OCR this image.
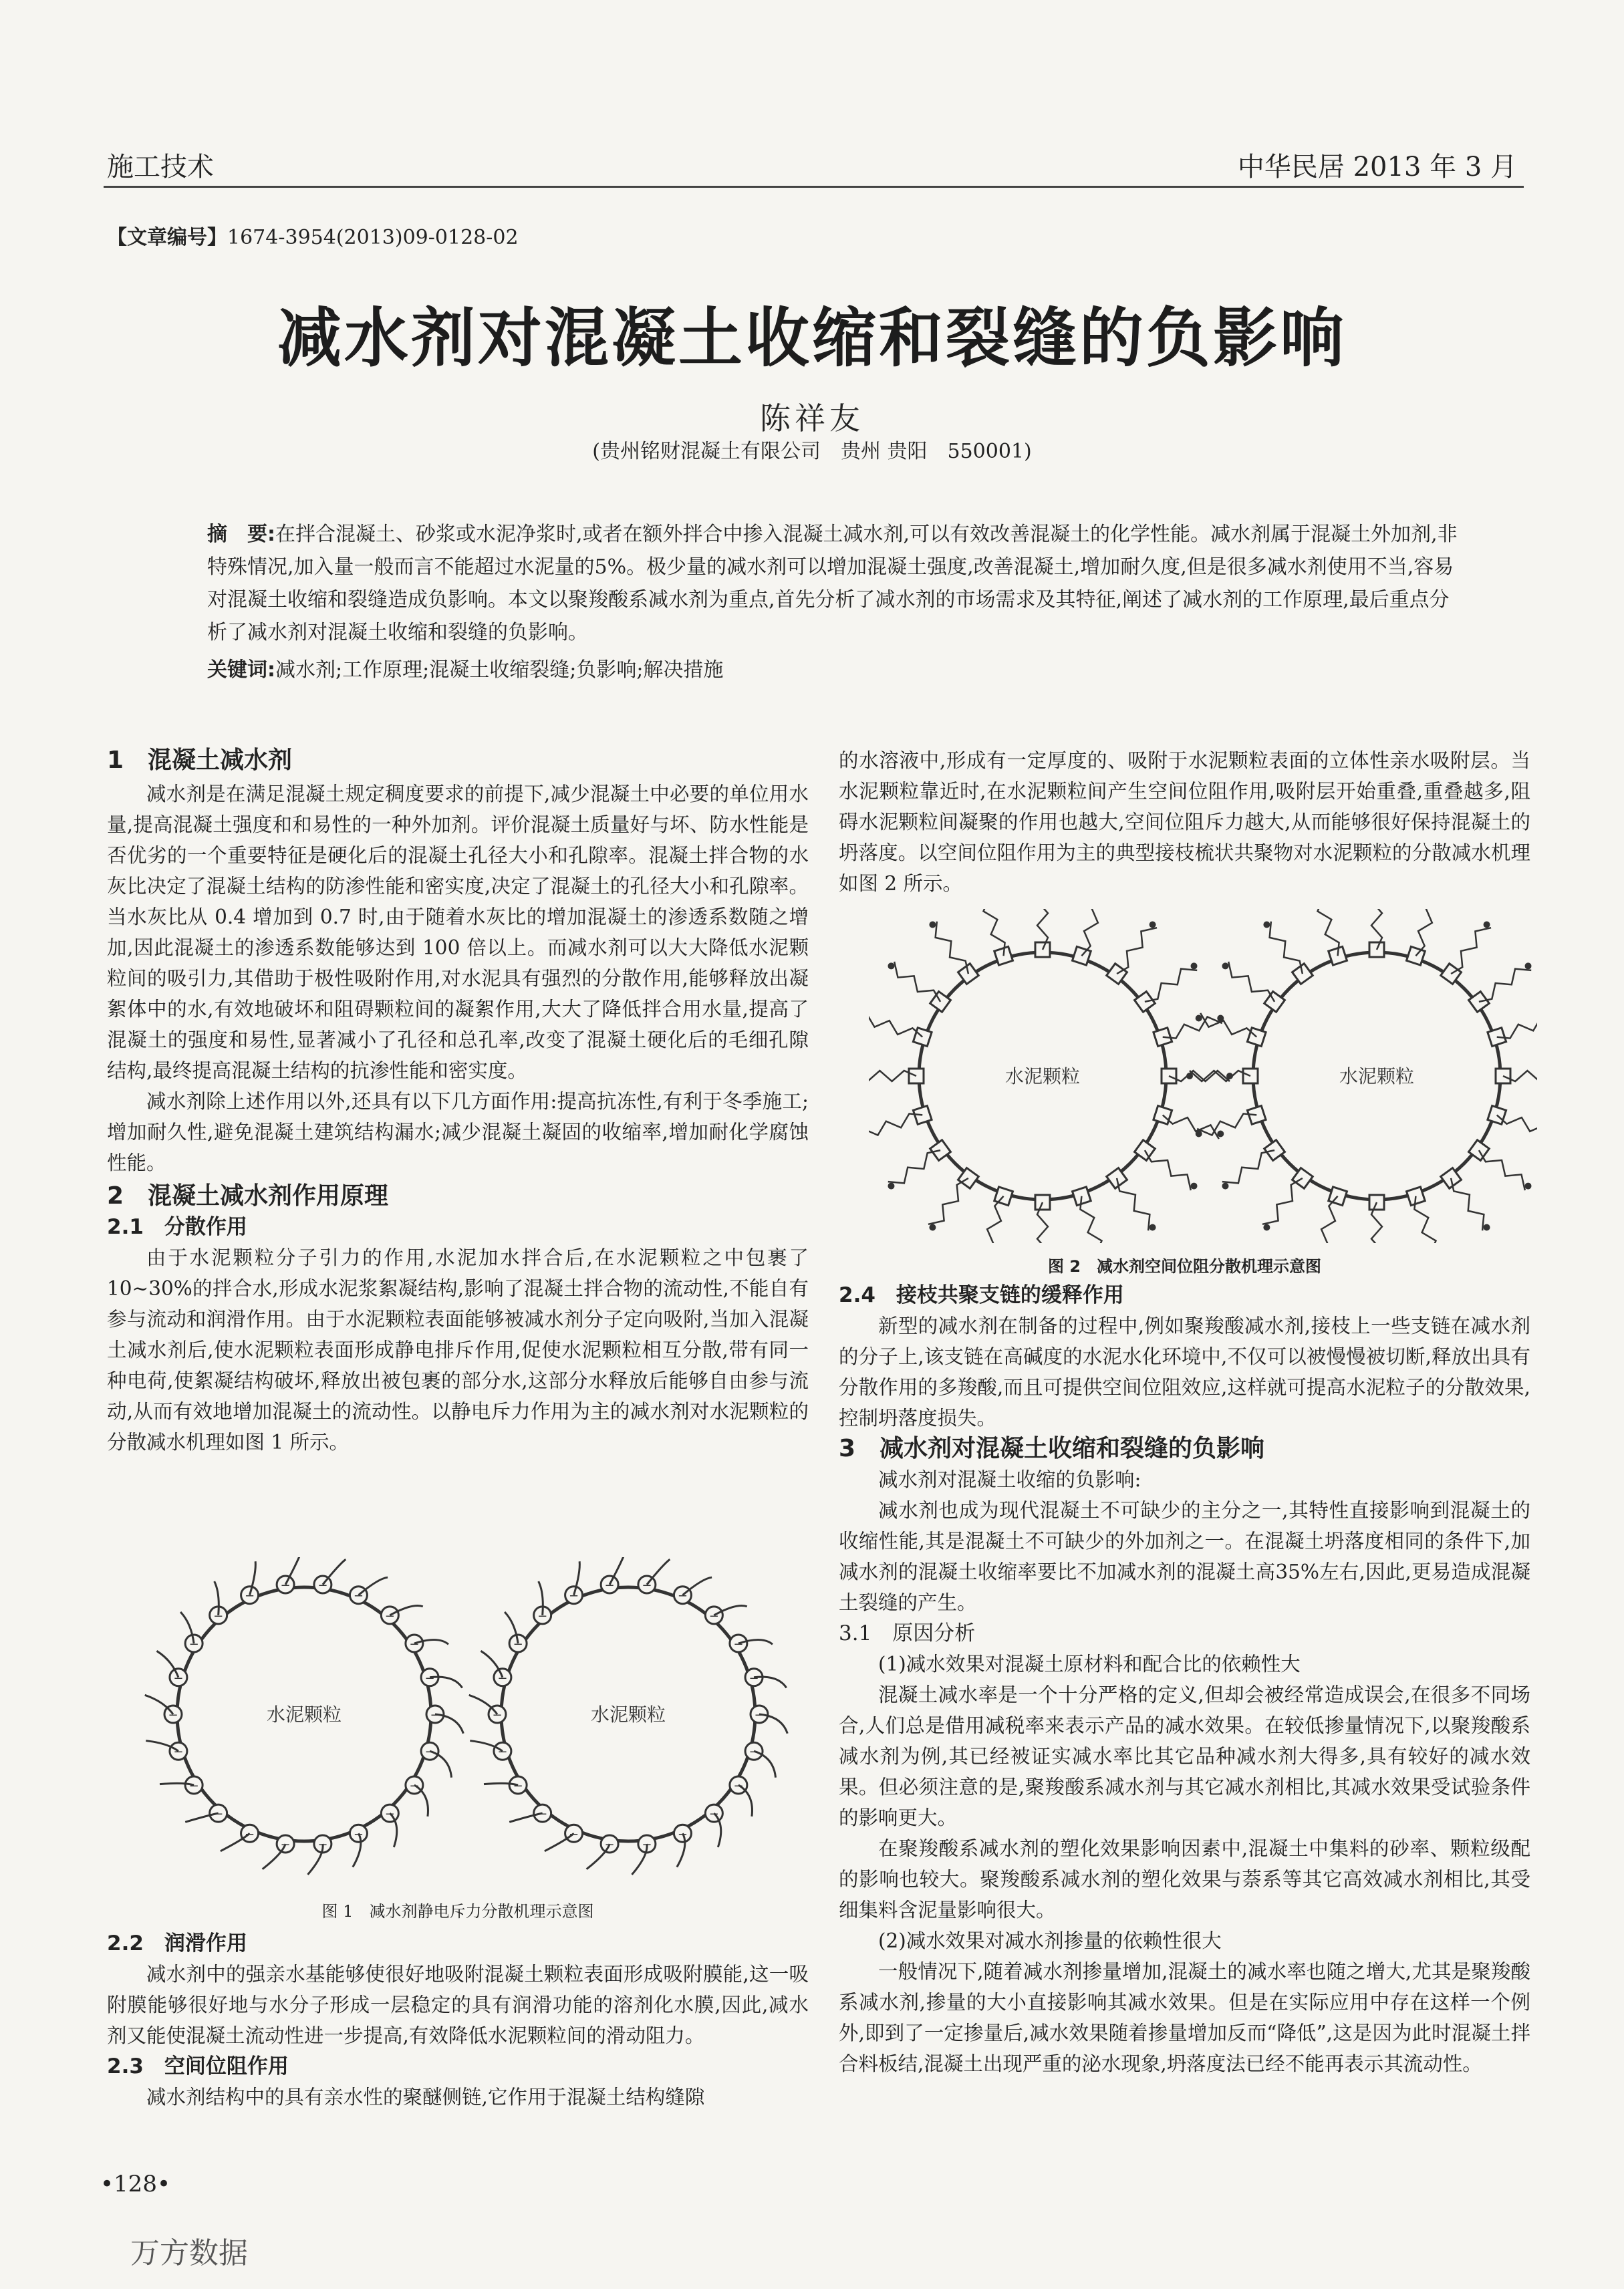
施工技术	中华民居 2013 年 3 月
【文章编号】1674-3954(2013)09-0128-02
减水剂对混凝土收缩和裂缝的负影响
陈祥友
(贵州铭财混凝土有限公司　贵州 贵阳　550001)

摘　要:在拌合混凝土、砂浆或水泥净浆时,或者在额外拌合中掺入混凝土减水剂,可以有效改善混凝土的化学性能。减水剂属于混凝土外加剂,非特殊情况,加入量一般而言不能超过水泥量的5%。极少量的减水剂可以增加混凝土强度,改善混凝土,增加耐久度,但是很多减水剂使用不当,容易对混凝土收缩和裂缝造成负影响。本文以聚羧酸系减水剂为重点,首先分析了减水剂的市场需求及其特征,阐述了减水剂的工作原理,最后重点分析了减水剂对混凝土收缩和裂缝的负影响。

关键词:减水剂;工作原理;混凝土收缩裂缝;负影响;解决措施
1　混凝土减水剂

减水剂是在满足混凝土规定稠度要求的前提下,减少混凝土中必要的单位用水量,提高混凝土强度和和易性的一种外加剂。评价混凝土质量好与坏、防水性能是否优劣的一个重要特征是硬化后的混凝土孔径大小和孔隙率。混凝土拌合物的水灰比决定了混凝土结构的防渗性能和密实度,决定了混凝土的孔径大小和孔隙率。当水灰比从 0.4 增加到 0.7 时,由于随着水灰比的增加混凝土的渗透系数随之增加,因此混凝土的渗透系数能够达到 100 倍以上。而减水剂可以大大降低水泥颗粒间的吸引力,其借助于极性吸附作用,对水泥具有强烈的分散作用,能够释放出凝絮体中的水,有效地破坏和阻碍颗粒间的凝絮作用,大大了降低拌合用水量,提高了混凝土的强度和易性,显著减小了孔径和总孔率,改变了混凝土硬化后的毛细孔隙结构,最终提高混凝土结构的抗渗性能和密实度。

减水剂除上述作用以外,还具有以下几方面作用:提高抗冻性,有利于冬季施工;增加耐久性,避免混凝土建筑结构漏水;减少混凝土凝固的收缩率,增加耐化学腐蚀性能。

2　混凝土减水剂作用原理
2.1　分散作用

由于水泥颗粒分子引力的作用,水泥加水拌合后,在水泥颗粒之中包裹了 10~30%的拌合水,形成水泥浆絮凝结构,影响了混凝土拌合物的流动性,不能自有参与流动和润滑作用。由于水泥颗粒表面能够被减水剂分子定向吸附,当加入混凝土减水剂后,使水泥颗粒表面形成静电排斥作用,促使水泥颗粒相互分散,带有同一种电荷,使絮凝结构破坏,释放出被包裹的部分水,这部分水释放后能够自由参与流动,从而有效地增加混凝土的流动性。以静电斥力作用为主的减水剂对水泥颗粒的分散减水机理如图 1 所示。

−
−
−
−
−
−
−
−
−
−
−
−
−
−
−
−
− −
−
−
−
−
水泥颗粒	−
−
−
−
−
−
−
−
−
−
−
−
−
−
−
−
− −
−
−
−
−
水泥颗粒
图 1　减水剂静电斥力分散机理示意图
2.2　润滑作用

减水剂中的强亲水基能够使很好地吸附混凝土颗粒表面形成吸附膜能,这一吸附膜能够很好地与水分子形成一层稳定的具有润滑功能的溶剂化水膜,因此,减水剂又能使混凝土流动性进一步提高,有效降低水泥颗粒间的滑动阻力。

2.3　空间位阻作用

减水剂结构中的具有亲水性的聚醚侧链,它作用于混凝土结构缝隙

的水溶液中,形成有一定厚度的、吸附于水泥颗粒表面的立体性亲水吸附层。当水泥颗粒靠近时,在水泥颗粒间产生空间位阻作用,吸附层开始重叠,重叠越多,阻碍水泥颗粒间凝聚的作用也越大,空间位阻斥力越大,从而能够很好保持混凝土的坍落度。以空间位阻作用为主的典型接枝梳状共聚物对水泥颗粒的分散减水机理如图 2 所示。

水泥颗粒	水泥颗粒
图 2　减水剂空间位阻分散机理示意图
2.4　接枝共聚支链的缓释作用

新型的减水剂在制备的过程中,例如聚羧酸减水剂,接枝上一些支链在减水剂的分子上,该支链在高碱度的水泥水化环境中,不仅可以被慢慢被切断,释放出具有分散作用的多羧酸,而且可提供空间位阻效应,这样就可提高水泥粒子的分散效果,控制坍落度损失。

3　减水剂对混凝土收缩和裂缝的负影响

减水剂对混凝土收缩的负影响:

减水剂也成为现代混凝土不可缺少的主分之一,其特性直接影响到混凝土的收缩性能,其是混凝土不可缺少的外加剂之一。在混凝土坍落度相同的条件下,加减水剂的混凝土收缩率要比不加减水剂的混凝土高35%左右,因此,更易造成混凝土裂缝的产生。

3.1　原因分析

(1)减水效果对混凝土原材料和配合比的依赖性大

混凝土减水率是一个十分严格的定义,但却会被经常造成误会,在很多不同场合,人们总是借用减税率来表示产品的减水效果。在较低掺量情况下,以聚羧酸系减水剂为例,其已经被证实减水率比其它品种减水剂大得多,具有较好的减水效果。但必须注意的是,聚羧酸系减水剂与其它减水剂相比,其减水效果受试验条件的影响更大。

在聚羧酸系减水剂的塑化效果影响因素中,混凝土中集料的砂率、颗粒级配的影响也较大。聚羧酸系减水剂的塑化效果与萘系等其它高效减水剂相比,其受细集料含泥量影响很大。

(2)减水效果对减水剂掺量的依赖性很大

一般情况下,随着减水剂掺量增加,混凝土的减水率也随之增大,尤其是聚羧酸系减水剂,掺量的大小直接影响其减水效果。但是在实际应用中存在这样一个例外,即到了一定掺量后,减水效果随着掺量增加反而“降低”,这是因为此时混凝土拌合料板结,混凝土出现严重的泌水现象,坍落度法已经不能再表示其流动性。

•128•
万方数据
